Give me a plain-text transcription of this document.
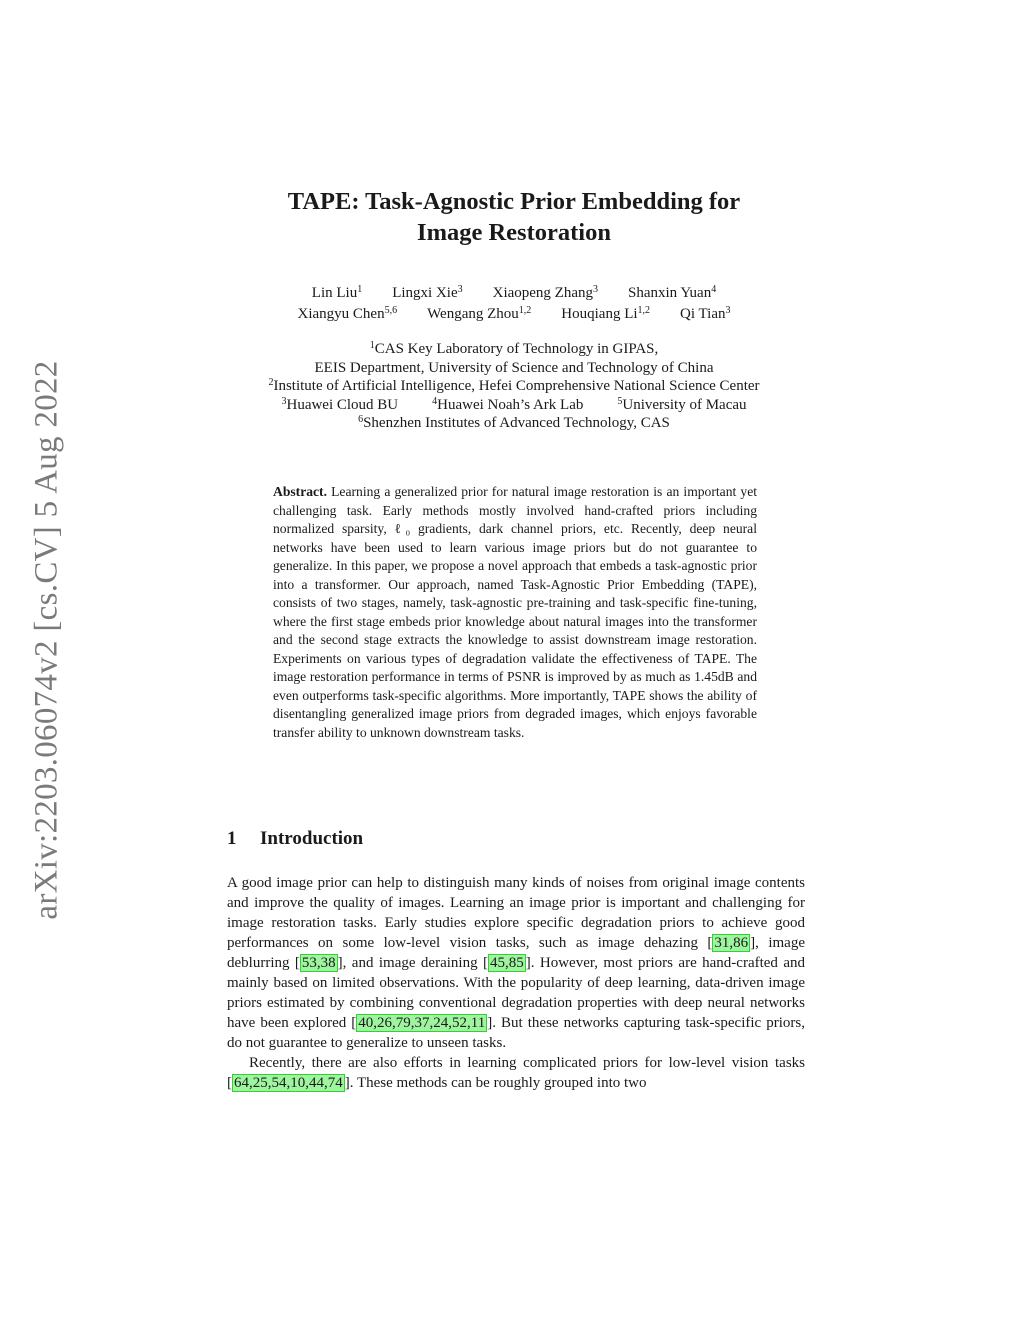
arXiv:2203.06074v2 [cs.CV] 5 Aug 2022
TAPE: Task-Agnostic Prior Embedding for
Image Restoration
Lin Liu$^1$ Lingxi Xie$^3$ Xiaopeng Zhang$^3$ Shanxin Yuan$^4$
Xiangyu Chen$^{5,6}$ Wengang Zhou$^{1,2}$ Houqiang Li$^{1,2}$ Qi Tian$^3$
$^1$CAS Key Laboratory of Technology in GIPAS,
EEIS Department, University of Science and Technology of China
$^2$Institute of Artificial Intelligence, Hefei Comprehensive National Science Center
$^3$Huawei Cloud BU	$^4$Huawei Noah’s Ark Lab	$^5$University of Macau
$^6$Shenzhen Institutes of Advanced Technology, CAS
Abstract. Learning a generalized prior for natural image restoration is an important yet challenging task. Early methods mostly involved hand-crafted priors including normalized sparsity, ℓ₀ gradients, dark channel priors, etc. Recently, deep neural networks have been used to learn various image priors but do not guarantee to generalize. In this paper, we propose a novel approach that embeds a task-agnostic prior into a transformer. Our approach, named Task-Agnostic Prior Embedding (TAPE), consists of two stages, namely, task-agnostic pre-training and task-specific fine-tuning, where the first stage embeds prior knowledge about natural images into the transformer and the second stage extracts the knowledge to assist downstream image restoration. Experiments on various types of degradation validate the effectiveness of TAPE. The image restoration performance in terms of PSNR is improved by as much as 1.45dB and even outperforms task-specific algorithms. More importantly, TAPE shows the ability of disentangling generalized image priors from degraded images, which enjoys favorable transfer ability to unknown downstream tasks.
1 Introduction

A good image prior can help to distinguish many kinds of noises from original image contents and improve the quality of images. Learning an image prior is important and challenging for image restoration tasks. Early studies explore specific degradation priors to achieve good performances on some low-level vision tasks, such as image dehazing [ 31,86 ], image deblurring [ 53,38 ], and image deraining [ 45,85 ]. However, most priors are hand-crafted and mainly based on limited observations. With the popularity of deep learning, data-driven image priors estimated by combining conventional degradation properties with deep neural networks have been explored [ 40,26,79,37,24,52,11 ]. But these networks capturing task-specific priors, do not guarantee to generalize to unseen tasks.

Recently, there are also efforts in learning complicated priors for low-level vision tasks [ 64,25,54,10,44,74 ]. These methods can be roughly grouped into two
